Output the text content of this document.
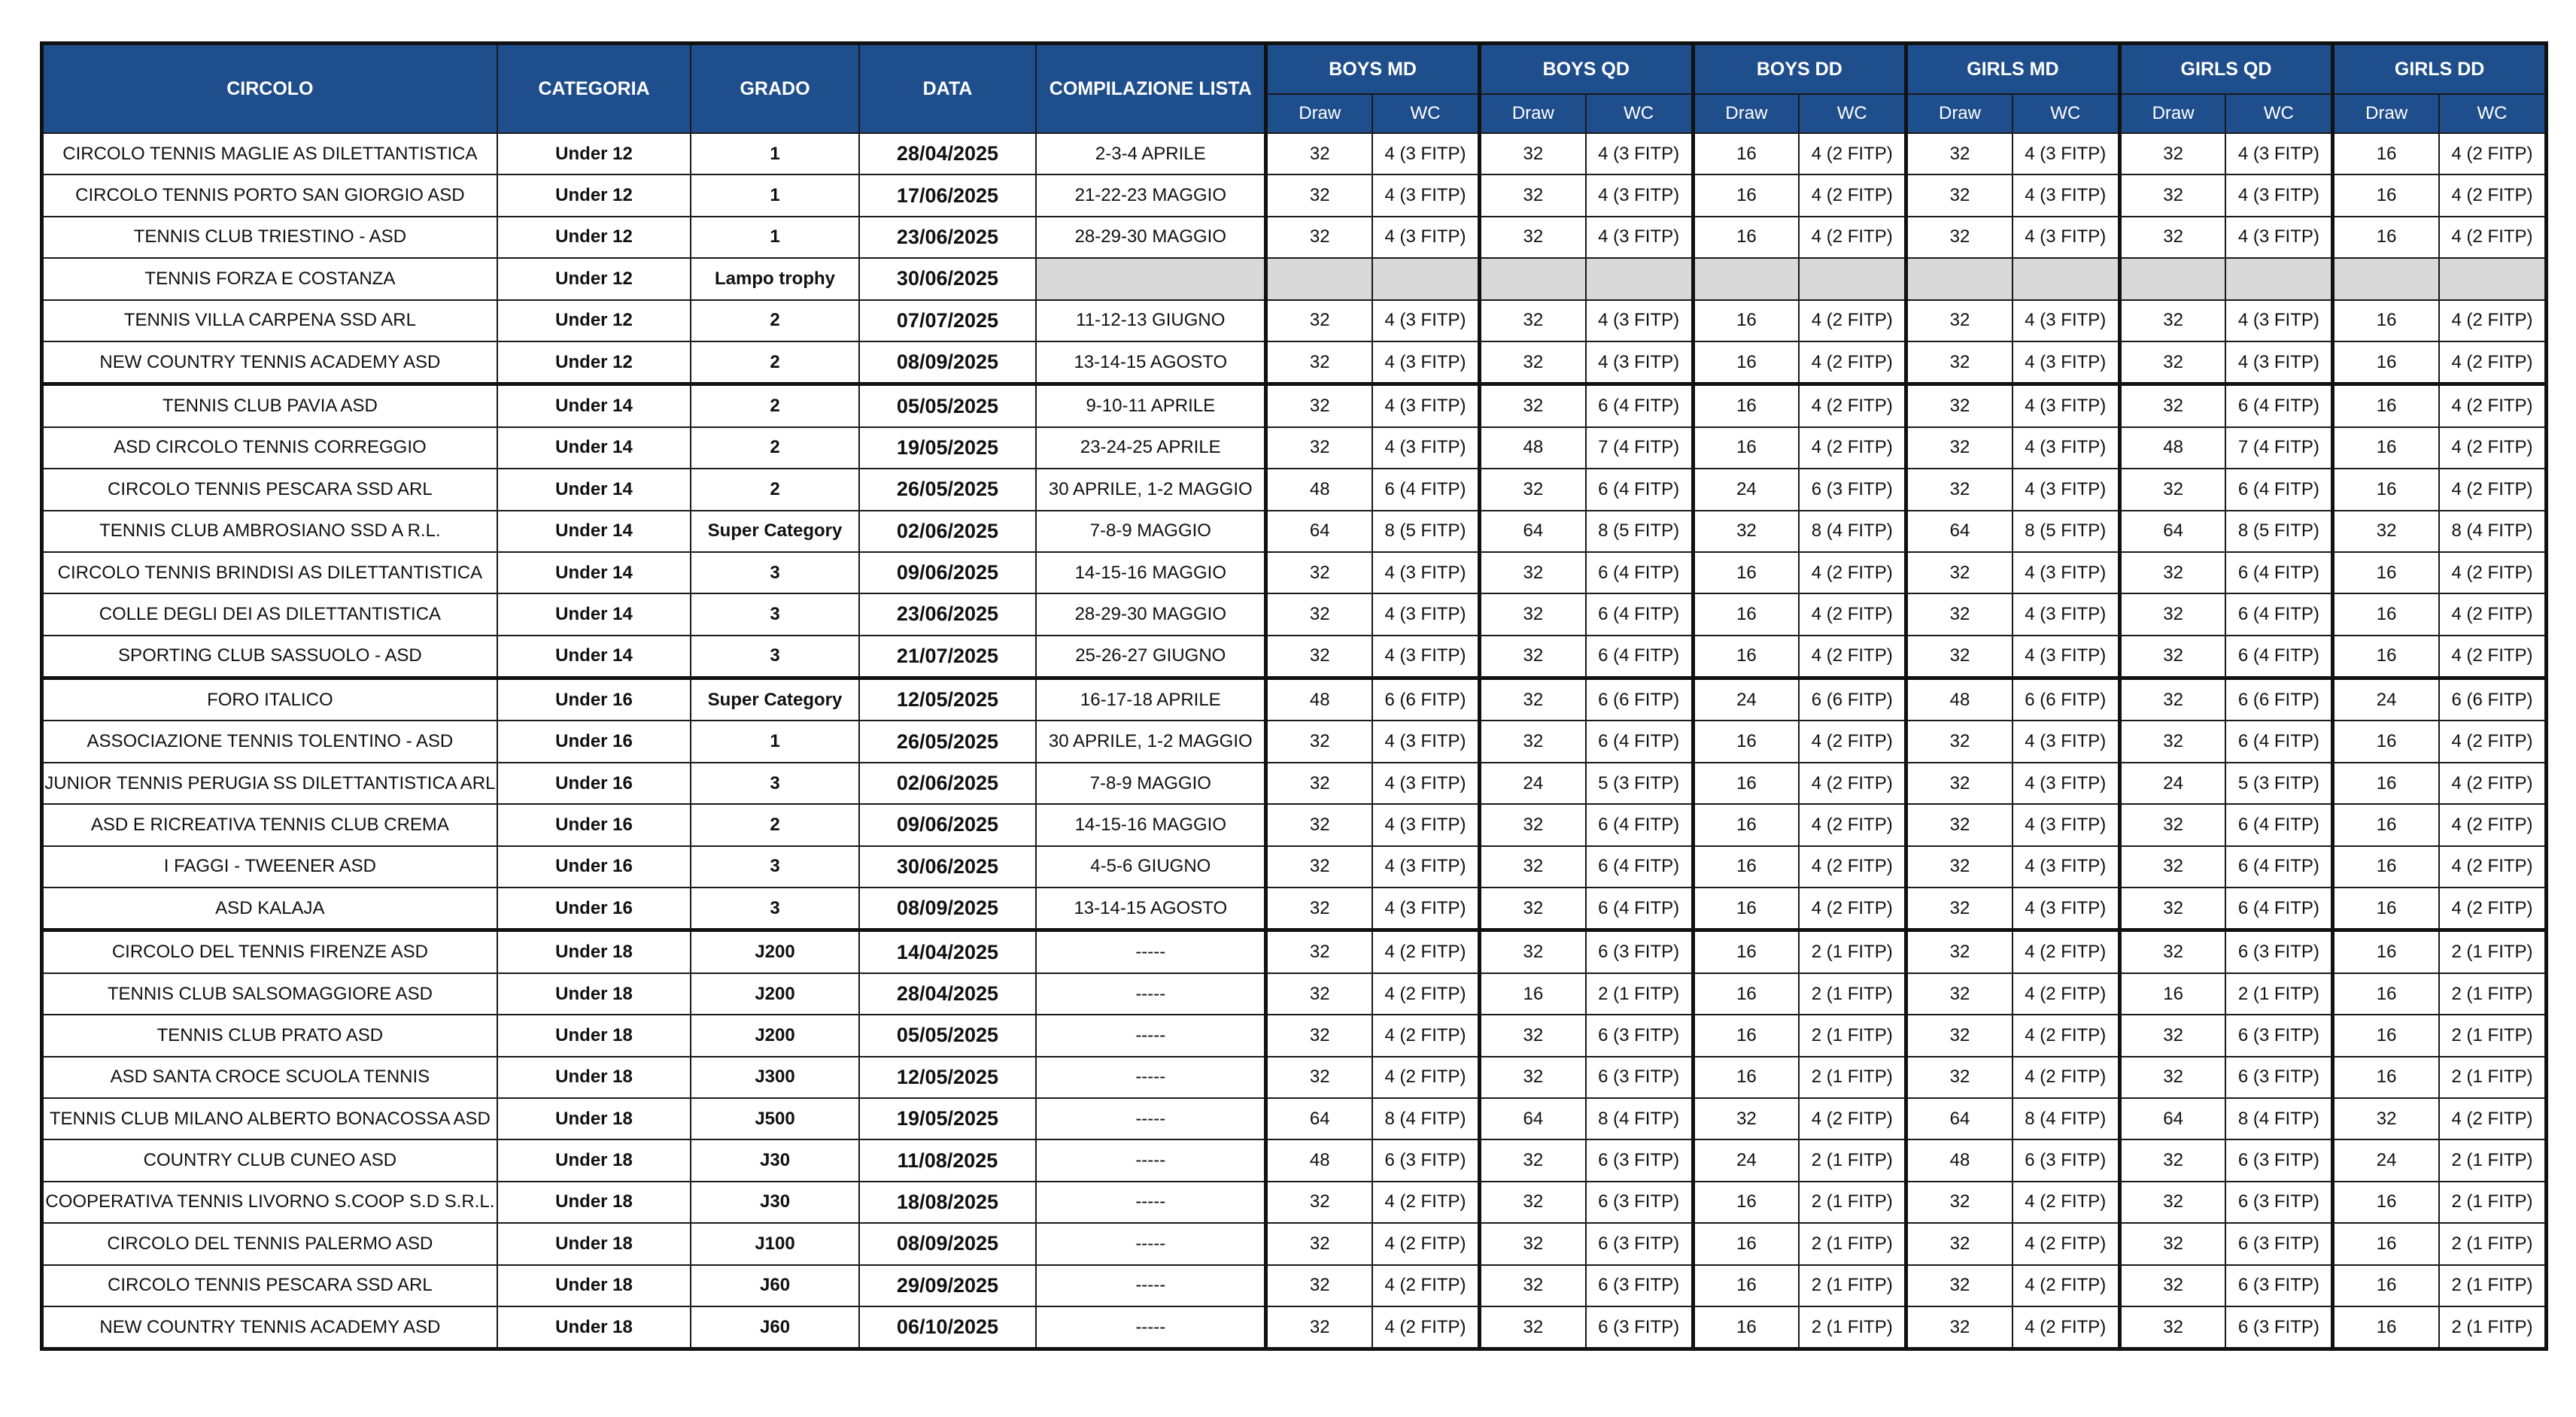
CIRCOLO	CATEGORIA	GRADO	DATA	COMPILAZIONE LISTA	BOYS MD		BOYS QD		BOYS DD		GIRLS MD		GIRLS QD		GIRLS DD	
					Draw	WC	Draw	WC	Draw	WC	Draw	WC	Draw	WC	Draw	WC
CIRCOLO TENNIS MAGLIE AS DILETTANTISTICA	Under 12	1	28/04/2025	2-3-4 APRILE	32	4 (3 FITP)	32	4 (3 FITP)	16	4 (2 FITP)	32	4 (3 FITP)	32	4 (3 FITP)	16	4 (2 FITP)
CIRCOLO TENNIS PORTO SAN GIORGIO ASD	Under 12	1	17/06/2025	21-22-23 MAGGIO	32	4 (3 FITP)	32	4 (3 FITP)	16	4 (2 FITP)	32	4 (3 FITP)	32	4 (3 FITP)	16	4 (2 FITP)
TENNIS CLUB TRIESTINO - ASD	Under 12	1	23/06/2025	28-29-30 MAGGIO	32	4 (3 FITP)	32	4 (3 FITP)	16	4 (2 FITP)	32	4 (3 FITP)	32	4 (3 FITP)	16	4 (2 FITP)
TENNIS FORZA E COSTANZA	Under 12	Lampo trophy	30/06/2025													
TENNIS VILLA CARPENA SSD ARL	Under 12	2	07/07/2025	11-12-13 GIUGNO	32	4 (3 FITP)	32	4 (3 FITP)	16	4 (2 FITP)	32	4 (3 FITP)	32	4 (3 FITP)	16	4 (2 FITP)
NEW COUNTRY TENNIS ACADEMY ASD	Under 12	2	08/09/2025	13-14-15 AGOSTO	32	4 (3 FITP)	32	4 (3 FITP)	16	4 (2 FITP)	32	4 (3 FITP)	32	4 (3 FITP)	16	4 (2 FITP)
TENNIS CLUB PAVIA ASD	Under 14	2	05/05/2025	9-10-11 APRILE	32	4 (3 FITP)	32	6 (4 FITP)	16	4 (2 FITP)	32	4 (3 FITP)	32	6 (4 FITP)	16	4 (2 FITP)
ASD CIRCOLO TENNIS CORREGGIO	Under 14	2	19/05/2025	23-24-25 APRILE	32	4 (3 FITP)	48	7 (4 FITP)	16	4 (2 FITP)	32	4 (3 FITP)	48	7 (4 FITP)	16	4 (2 FITP)
CIRCOLO TENNIS PESCARA SSD ARL	Under 14	2	26/05/2025	30 APRILE, 1-2 MAGGIO	48	6 (4 FITP)	32	6 (4 FITP)	24	6 (3 FITP)	32	4 (3 FITP)	32	6 (4 FITP)	16	4 (2 FITP)
TENNIS CLUB AMBROSIANO SSD A R.L.	Under 14	Super Category	02/06/2025	7-8-9 MAGGIO	64	8 (5 FITP)	64	8 (5 FITP)	32	8 (4 FITP)	64	8 (5 FITP)	64	8 (5 FITP)	32	8 (4 FITP)
CIRCOLO TENNIS BRINDISI AS DILETTANTISTICA	Under 14	3	09/06/2025	14-15-16 MAGGIO	32	4 (3 FITP)	32	6 (4 FITP)	16	4 (2 FITP)	32	4 (3 FITP)	32	6 (4 FITP)	16	4 (2 FITP)
COLLE DEGLI DEI AS DILETTANTISTICA	Under 14	3	23/06/2025	28-29-30 MAGGIO	32	4 (3 FITP)	32	6 (4 FITP)	16	4 (2 FITP)	32	4 (3 FITP)	32	6 (4 FITP)	16	4 (2 FITP)
SPORTING CLUB SASSUOLO - ASD	Under 14	3	21/07/2025	25-26-27 GIUGNO	32	4 (3 FITP)	32	6 (4 FITP)	16	4 (2 FITP)	32	4 (3 FITP)	32	6 (4 FITP)	16	4 (2 FITP)
FORO ITALICO	Under 16	Super Category	12/05/2025	16-17-18 APRILE	48	6 (6 FITP)	32	6 (6 FITP)	24	6 (6 FITP)	48	6 (6 FITP)	32	6 (6 FITP)	24	6 (6 FITP)
ASSOCIAZIONE TENNIS TOLENTINO - ASD	Under 16	1	26/05/2025	30 APRILE, 1-2 MAGGIO	32	4 (3 FITP)	32	6 (4 FITP)	16	4 (2 FITP)	32	4 (3 FITP)	32	6 (4 FITP)	16	4 (2 FITP)
JUNIOR TENNIS PERUGIA SS DILETTANTISTICA ARL	Under 16	3	02/06/2025	7-8-9 MAGGIO	32	4 (3 FITP)	24	5 (3 FITP)	16	4 (2 FITP)	32	4 (3 FITP)	24	5 (3 FITP)	16	4 (2 FITP)
ASD E RICREATIVA TENNIS CLUB CREMA	Under 16	2	09/06/2025	14-15-16 MAGGIO	32	4 (3 FITP)	32	6 (4 FITP)	16	4 (2 FITP)	32	4 (3 FITP)	32	6 (4 FITP)	16	4 (2 FITP)
I FAGGI - TWEENER ASD	Under 16	3	30/06/2025	4-5-6 GIUGNO	32	4 (3 FITP)	32	6 (4 FITP)	16	4 (2 FITP)	32	4 (3 FITP)	32	6 (4 FITP)	16	4 (2 FITP)
ASD KALAJA	Under 16	3	08/09/2025	13-14-15 AGOSTO	32	4 (3 FITP)	32	6 (4 FITP)	16	4 (2 FITP)	32	4 (3 FITP)	32	6 (4 FITP)	16	4 (2 FITP)
CIRCOLO DEL TENNIS FIRENZE ASD	Under 18	J200	14/04/2025	-----	32	4 (2 FITP)	32	6 (3 FITP)	16	2 (1 FITP)	32	4 (2 FITP)	32	6 (3 FITP)	16	2 (1 FITP)
TENNIS CLUB SALSOMAGGIORE ASD	Under 18	J200	28/04/2025	-----	32	4 (2 FITP)	16	2 (1 FITP)	16	2 (1 FITP)	32	4 (2 FITP)	16	2 (1 FITP)	16	2 (1 FITP)
TENNIS CLUB PRATO ASD	Under 18	J200	05/05/2025	-----	32	4 (2 FITP)	32	6 (3 FITP)	16	2 (1 FITP)	32	4 (2 FITP)	32	6 (3 FITP)	16	2 (1 FITP)
ASD SANTA CROCE SCUOLA TENNIS	Under 18	J300	12/05/2025	-----	32	4 (2 FITP)	32	6 (3 FITP)	16	2 (1 FITP)	32	4 (2 FITP)	32	6 (3 FITP)	16	2 (1 FITP)
TENNIS CLUB MILANO ALBERTO BONACOSSA ASD	Under 18	J500	19/05/2025	-----	64	8 (4 FITP)	64	8 (4 FITP)	32	4 (2 FITP)	64	8 (4 FITP)	64	8 (4 FITP)	32	4 (2 FITP)
COUNTRY CLUB CUNEO ASD	Under 18	J30	11/08/2025	-----	48	6 (3 FITP)	32	6 (3 FITP)	24	2 (1 FITP)	48	6 (3 FITP)	32	6 (3 FITP)	24	2 (1 FITP)
COOPERATIVA TENNIS LIVORNO S.COOP S.D S.R.L.	Under 18	J30	18/08/2025	-----	32	4 (2 FITP)	32	6 (3 FITP)	16	2 (1 FITP)	32	4 (2 FITP)	32	6 (3 FITP)	16	2 (1 FITP)
CIRCOLO DEL TENNIS PALERMO ASD	Under 18	J100	08/09/2025	-----	32	4 (2 FITP)	32	6 (3 FITP)	16	2 (1 FITP)	32	4 (2 FITP)	32	6 (3 FITP)	16	2 (1 FITP)
CIRCOLO TENNIS PESCARA SSD ARL	Under 18	J60	29/09/2025	-----	32	4 (2 FITP)	32	6 (3 FITP)	16	2 (1 FITP)	32	4 (2 FITP)	32	6 (3 FITP)	16	2 (1 FITP)
NEW COUNTRY TENNIS ACADEMY ASD	Under 18	J60	06/10/2025	-----	32	4 (2 FITP)	32	6 (3 FITP)	16	2 (1 FITP)	32	4 (2 FITP)	32	6 (3 FITP)	16	2 (1 FITP)
